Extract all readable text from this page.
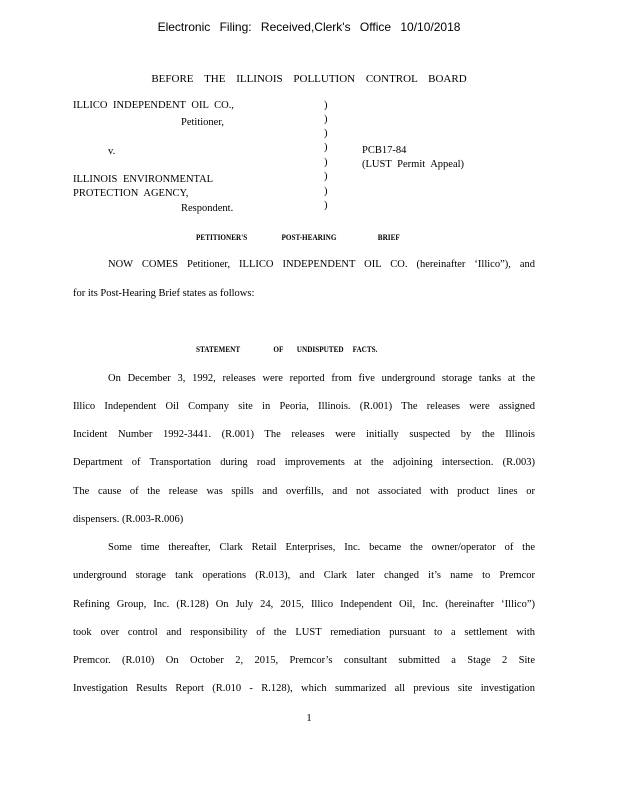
Electronic Filing: Received,Clerk's Office 10/10/2018
BEFORE THE ILLINOIS POLLUTION CONTROL BOARD
ILLICO INDEPENDENT OIL CO.,
Petitioner,
v.
ILLINOIS ENVIRONMENTAL
PROTECTION AGENCY,
Respondent.
PCB17-84
(LUST Permit Appeal)
)
)
)
)
)
)
)
)
PETITIONER'S	POST-HEARING	BRIEF
NOW COMES Petitioner, ILLICO INDEPENDENT OIL CO. (hereinafter ‘Illico”), and
for its Post-Hearing Brief states as follows:
STATEMENT	OF UNDISPUTED FACTS.
On December 3, 1992, releases were reported from five underground storage tanks at the
Illico Independent Oil Company site in Peoria, Illinois. (R.001) The releases were assigned
Incident Number 1992-3441. (R.001) The releases were initially suspected by the Illinois
Department of Transportation during road improvements at the adjoining intersection. (R.003)
The cause of the release was spills and overfills, and not associated with product lines or
dispensers. (R.003-R.006)
Some time thereafter, Clark Retail Enterprises, Inc. became the owner/operator of the
underground storage tank operations (R.013), and Clark later changed it’s name to Premcor
Refining Group, Inc. (R.128) On July 24, 2015, Illico Independent Oil, Inc. (hereinafter ‘Illico”)
took over control and responsibility of the LUST remediation pursuant to a settlement with
Premcor. (R.010) On October 2, 2015, Premcor’s consultant submitted a Stage 2 Site
Investigation Results Report (R.010 - R.128), which summarized all previous site investigation
1
